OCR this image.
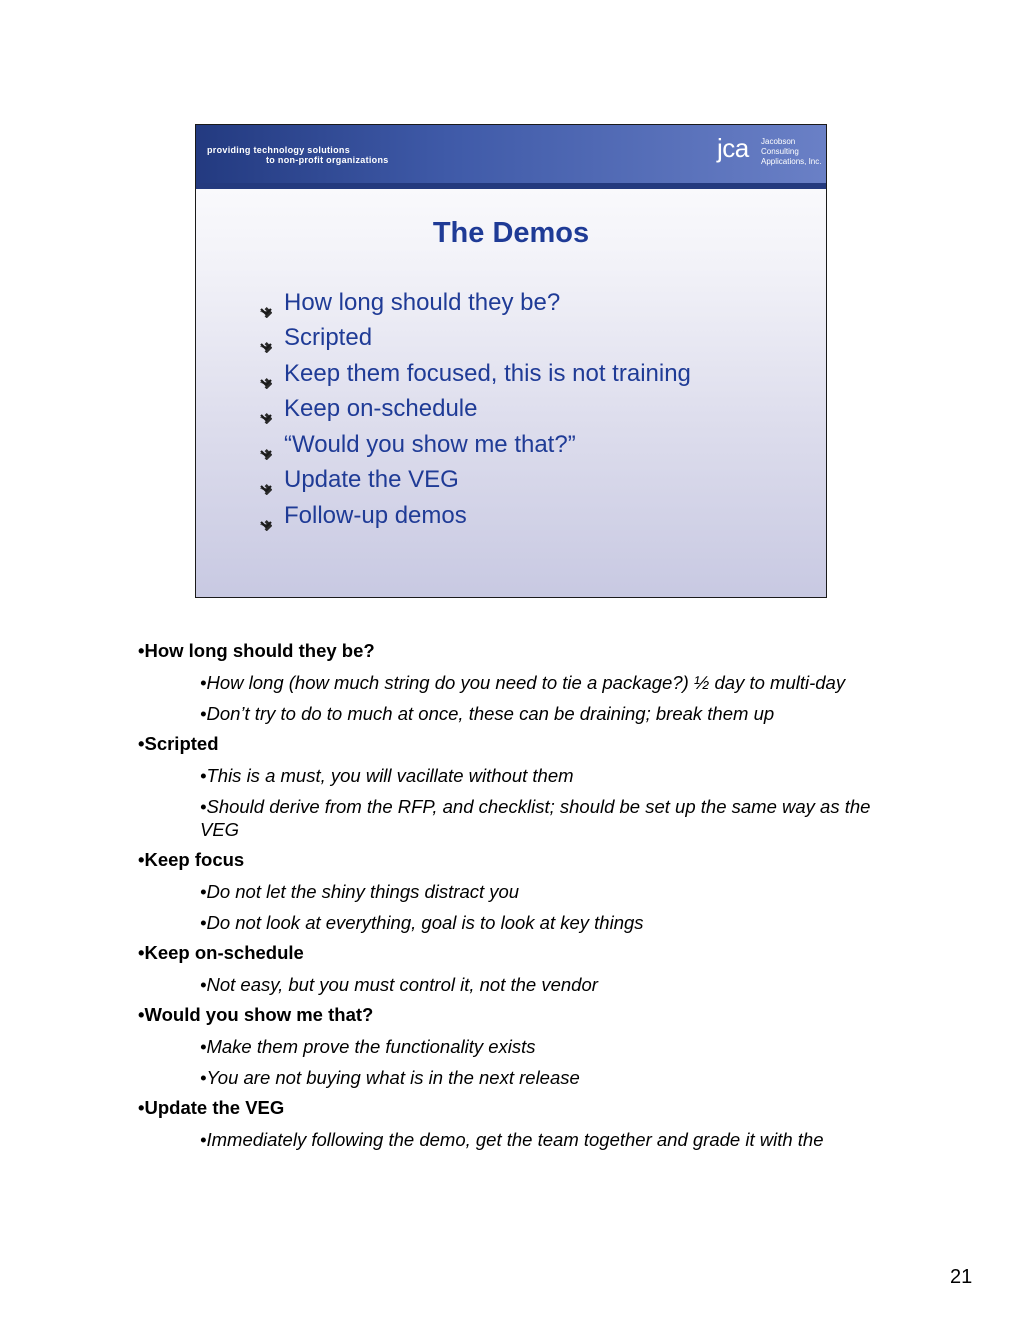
providing technology solutions
to non-profit organizations	jca Jacobson
Consulting
Applications, Inc.
The Demos
How long should they be?
Scripted
Keep them focused, this is not training
Keep on-schedule
“Would you show me that?”
Update the VEG
Follow-up demos
•How long should they be?
•How long (how much string do you need to tie a package?) ½ day to multi-day
•Don’t try to do to much at once, these can be draining; break them up
•Scripted
•This is a must, you will vacillate without them
•Should derive from the RFP, and checklist; should be set up the same way as the VEG
•Keep focus
•Do not let the shiny things distract you
•Do not look at everything, goal is to look at key things
•Keep on-schedule
•Not easy, but you must control it, not the vendor
•Would you show me that?
•Make them prove the functionality exists
•You are not buying what is in the next release
•Update the VEG
•Immediately following the demo, get the team together and grade it with the
21
